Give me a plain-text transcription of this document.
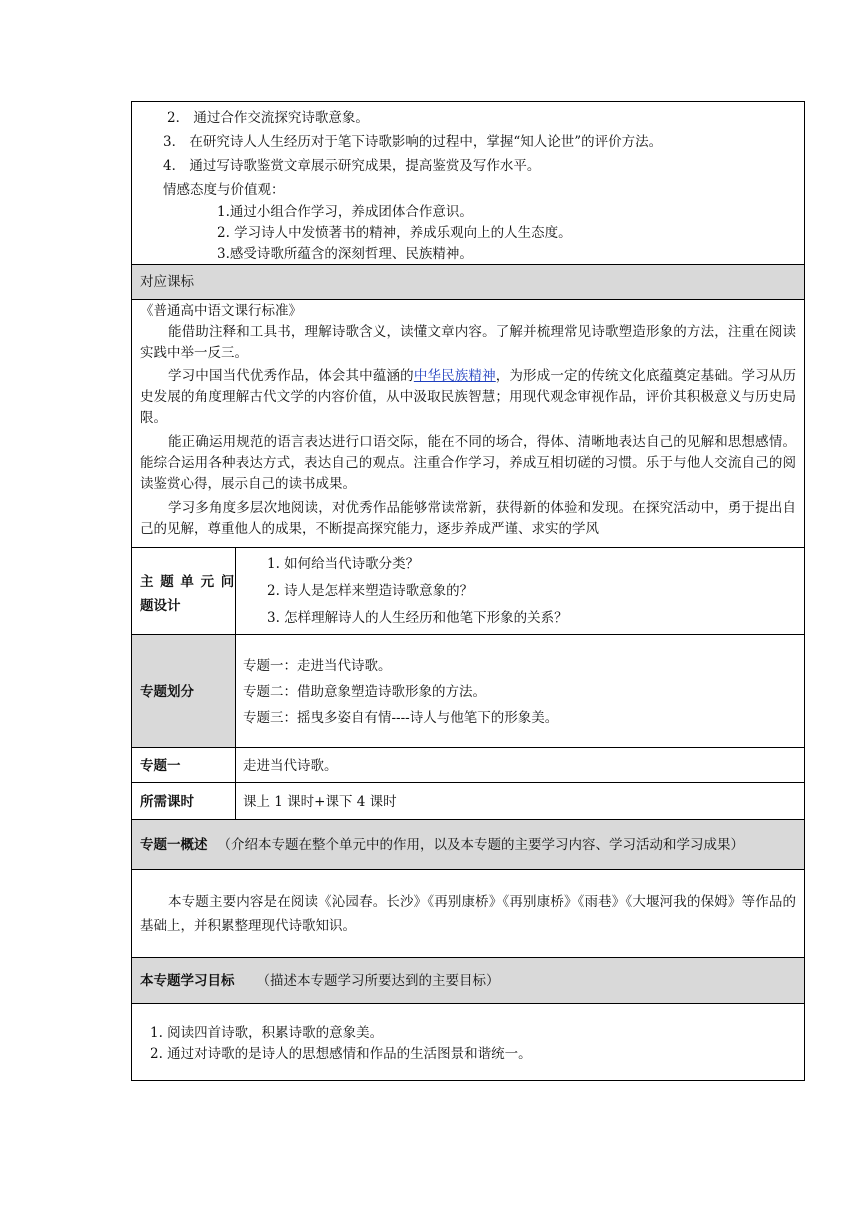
2． 通过合作交流探究诗歌意象。
3． 在研究诗人人生经历对于笔下诗歌影响的过程中，掌握“知人论世”的评价方法。
4． 通过写诗歌鉴赏文章展示研究成果，提高鉴赏及写作水平。
情感态度与价值观：
1.通过小组合作学习，养成团体合作意识。
2. 学习诗人中发愤著书的精神，养成乐观向上的人生态度。
3.感受诗歌所蕴含的深刻哲理、民族精神。
对应课标
《普通高中语文课行标准》
能借助注释和工具书，理解诗歌含义，读懂文章内容。了解并梳理常见诗歌塑造形象的方法，注重在阅读实践中举一反三。
学习中国当代优秀作品，体会其中蕴涵的中华民族精神，为形成一定的传统文化底蕴奠定基础。学习从历史发展的角度理解古代文学的内容价值，从中汲取民族智慧；用现代观念审视作品，评价其积极意义与历史局限。
能正确运用规范的语言表达进行口语交际，能在不同的场合，得体、清晰地表达自己的见解和思想感情。能综合运用各种表达方式，表达自己的观点。注重合作学习，养成互相切磋的习惯。乐于与他人交流自己的阅读鉴赏心得，展示自己的读书成果。
学习多角度多层次地阅读，对优秀作品能够常读常新，获得新的体验和发现。在探究活动中，勇于提出自己的见解，尊重他人的成果，不断提高探究能力，逐步养成严谨、求实的学风
主 题 单 元 问
题设计
1. 如何给当代诗歌分类？
2. 诗人是怎样来塑造诗歌意象的？
3. 怎样理解诗人的人生经历和他笔下形象的关系？
专题划分
专题一：走进当代诗歌。
专题二：借助意象塑造诗歌形象的方法。
专题三：摇曳多姿自有情----诗人与他笔下的形象美。
专题一	走进当代诗歌。
所需课时	课上 1 课时+课下 4 课时
专题一概述 （介绍本专题在整个单元中的作用，以及本专题的主要学习内容、学习活动和学习成果）
本专题主要内容是在阅读《沁园春。长沙》《再别康桥》《再别康桥》《雨巷》《大堰河我的保姆》等作品的基础上，并积累整理现代诗歌知识。
本专题学习目标 （描述本专题学习所要达到的主要目标）
1. 阅读四首诗歌，积累诗歌的意象美。
2. 通过对诗歌的是诗人的思想感情和作品的生活图景和谐统一。
